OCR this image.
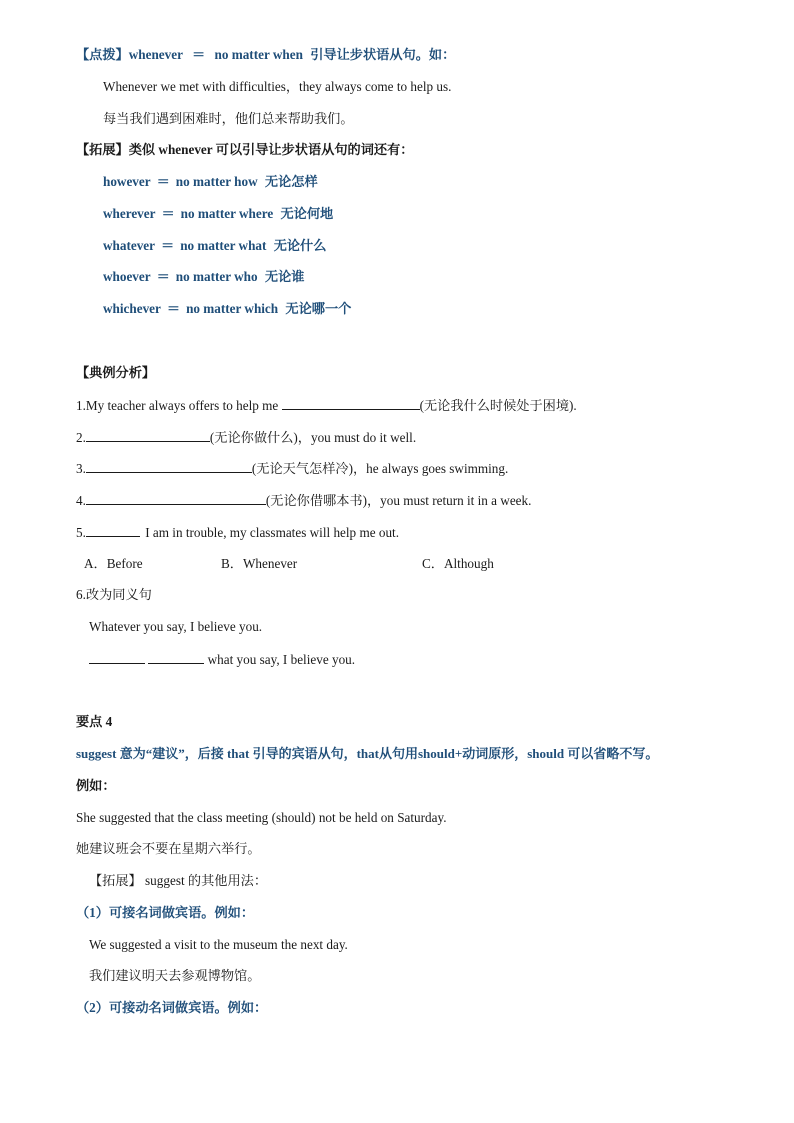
【点拨】whenever ＝ no matter when 引导让步状语从句。如：
Whenever we met with difficulties，they always come to help us.
每当我们遇到困难时，他们总来帮助我们。
【拓展】类似 whenever 可以引导让步状语从句的词还有：
however ＝ no matter how 无论怎样
wherever ＝ no matter where 无论何地
whatever ＝ no matter what 无论什么
whoever ＝ no matter who 无论谁
whichever ＝ no matter which 无论哪一个
【典例分析】
1.My teacher always offers to help me	(无论我什么时候处于困境).
2.	(无论你做什么)，you must do it well.
3.	(无论天气怎样冷)，he always goes swimming.
4.	(无论你借哪本书)，you must return it in a week.
5.	I am in trouble, my classmates will help me out.
A．Before	B．Whenever	C．Although
6.改为同义句
Whatever you say, I believe you.
what you say, I believe you.
要点 4
suggest 意为“建议”，后接 that 引导的宾语从句，that从句用should+动词原形，should 可以省略不写。
例如：
She suggested that the class meeting (should) not be held on Saturday.
她建议班会不要在星期六举行。
【拓展】 suggest 的其他用法：
（1）可接名词做宾语。例如：
We suggested a visit to the museum the next day.
我们建议明天去参观博物馆。
（2）可接动名词做宾语。例如：
